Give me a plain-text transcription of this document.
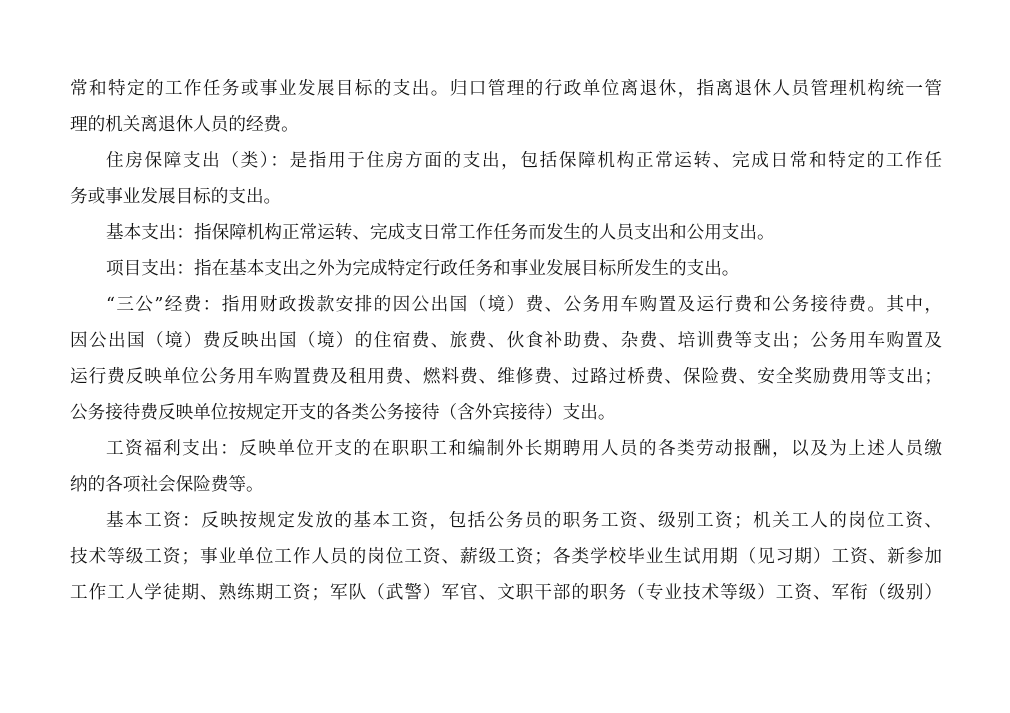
常和特定的工作任务或事业发展目标的支出。归口管理的行政单位离退休，指离退休人员管理机构统一管
理的机关离退休人员的经费。
住房保障支出（类）：是指用于住房方面的支出，包括保障机构正常运转、完成日常和特定的工作任
务或事业发展目标的支出。
基本支出：指保障机构正常运转、完成支日常工作任务而发生的人员支出和公用支出。
项目支出：指在基本支出之外为完成特定行政任务和事业发展目标所发生的支出。
“三公”经费：指用财政拨款安排的因公出国（境）费、公务用车购置及运行费和公务接待费。其中，
因公出国（境）费反映出国（境）的住宿费、旅费、伙食补助费、杂费、培训费等支出；公务用车购置及
运行费反映单位公务用车购置费及租用费、燃料费、维修费、过路过桥费、保险费、安全奖励费用等支出；
公务接待费反映单位按规定开支的各类公务接待（含外宾接待）支出。
工资福利支出：反映单位开支的在职职工和编制外长期聘用人员的各类劳动报酬，以及为上述人员缴
纳的各项社会保险费等。
基本工资：反映按规定发放的基本工资，包括公务员的职务工资、级别工资；机关工人的岗位工资、
技术等级工资；事业单位工作人员的岗位工资、薪级工资；各类学校毕业生试用期（见习期）工资、新参加
工作工人学徒期、熟练期工资；军队（武警）军官、文职干部的职务（专业技术等级）工资、军衔（级别）
